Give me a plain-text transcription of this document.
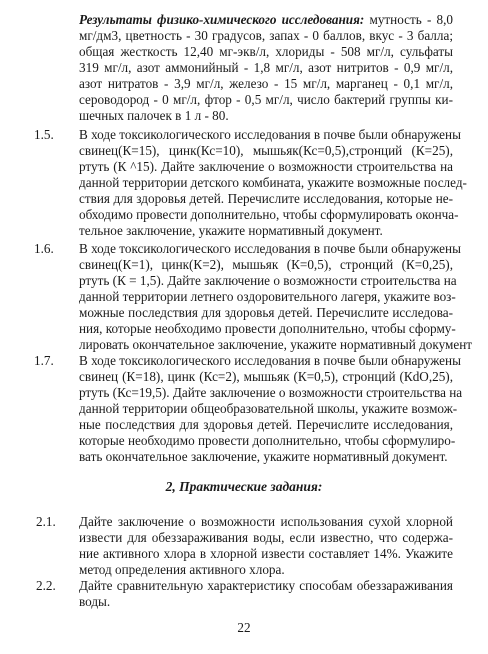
Результаты физико-химического исследования: мутность - 8,0
мг/дм3, цветность - 30 градусов, запах - 0 баллов, вкус - 3 балла;
общая жесткость 12,40 мг-экв/л, хлориды - 508 мг/л, сульфаты
319 мг/л, азот аммонийный - 1,8 мг/л, азот нитритов - 0,9 мг/л,
азот нитратов - 3,9 мг/л, железо - 15 мг/л, марганец - 0,1 мг/л,
сероводород - 0 мг/л, фтор - 0,5 мг/л, число бактерий группы ки-
шечных палочек в 1 л - 80.
1.5.	В ходе токсикологического исследования в почве были обнаружены
свинец(К=15), цинк(Кс=10), мышьяк(Кс=0,5),стронций (К=25),
ртуть (К ^15). Дайте заключение о возможности строительства на
данной территории детского комбината, укажите возможные послед-
ствия для здоровья детей. Перечислите исследования, которые не-
обходимо провести дополнительно, чтобы сформулировать оконча-
тельное заключение, укажите нормативный документ.
1.6.	В ходе токсикологического исследования в почве были обнаружены
свинец(К=1), цинк(К=2), мышьяк (К=0,5), стронций (К=0,25),
ртуть (К = 1,5). Дайте заключение о возможности строительства на
данной территории летнего оздоровительного лагеря, укажите воз-
можные последствия для здоровья детей. Перечислите исследова-
ния, которые необходимо провести дополнительно, чтобы сформу-
лировать окончательное заключение, укажите нормативный документ
1.7.	В ходе токсикологического исследования в почве были обнаружены
свинец (К=18), цинк (Кс=2), мышьяк (К=0,5), стронций (КdО,25),
ртуть (Кс=19,5). Дайте заключение о возможности строительства на
данной территории общеобразовательной школы, укажите возмож-
ные последствия для здоровья детей. Перечислите исследования,
которые необходимо провести дополнительно, чтобы сформулиро-
вать окончательное заключение, укажите нормативный документ.
2, Практические задания:
2.1.	Дайте заключение о возможности использования сухой хлорной
извести для обеззараживания воды, если известно, что содержа-
ние активного хлора в хлорной извести составляет 14%. Укажите
метод определения активного хлора.
2.2.	Дайте сравнительную характеристику способам обеззараживания
воды.
22
